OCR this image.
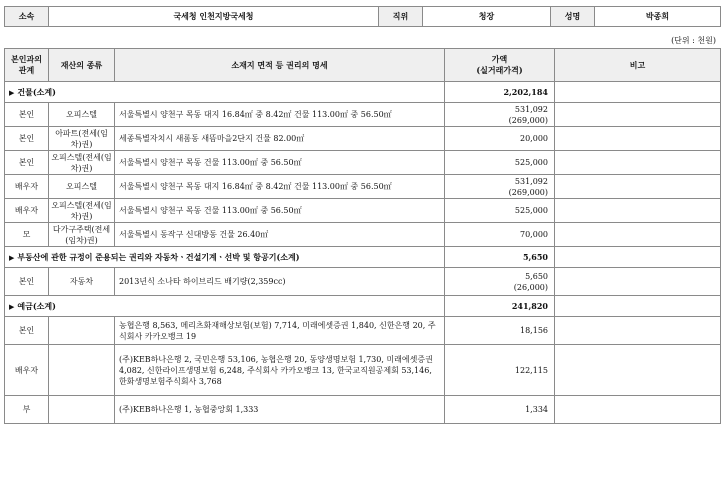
소속	국세청 인천지방국세청	직위	청장	성명	박종희
(단위 : 천원)
본인과의 관계	재산의 종류	소재지 면적 등 권리의 명세	가액
(실거래가격)	비고
▶ 건물(소계)			2,202,184	
본인	오피스텔	서울특별시 양천구 목동 대지 16.84㎡ 중 8.42㎡ 건물 113.00㎡ 중 56.50㎡	531,092
(269,000)	

본인	아파트(전세(임차)권)	세종특별자치시 새롬동 새뜸마을2단지 건물 82.00㎡	20,000	

본인	오피스텔(전세(임차)권)	서울특별시 양천구 목동 건물 113.00㎡ 중 56.50㎡	525,000	

배우자	오피스텔	서울특별시 양천구 목동 대지 16.84㎡ 중 8.42㎡ 건물 113.00㎡ 중 56.50㎡	531,092
(269,000)	

배우자	오피스텔(전세(임차)권)	서울특별시 양천구 목동 건물 113.00㎡ 중 56.50㎡	525,000	

모	다가구주택(전세(임차)권)	서울특별시 동작구 신대방동 건물 26.40㎡	70,000	

▶ 부동산에 관한 규정이 준용되는 권리와 자동차ㆍ건설기계ㆍ선박 및 항공기(소계)			5,650	
본인	자동차	2013년식 소나타 하이브리드 배기량(2,359cc)	5,650
(26,000)	

▶ 예금(소계)			241,820	
본인		농협은행 8,563, 메리츠화재해상보험(보험) 7,714, 미래에셋증권 1,840, 신한은행 20, 주식회사 카카오뱅크 19	18,156	

배우자		(주)KEB하나은행 2, 국민은행 53,106, 농협은행 20, 동양생명보험 1,730, 미래에셋증권 4,082, 신한라이프생명보험 6,248, 주식회사 카카오뱅크 13, 한국교직원공제회 53,146, 한화생명보험주식회사 3,768	122,115	

부		(주)KEB하나은행 1, 농협중앙회 1,333	1,334	
